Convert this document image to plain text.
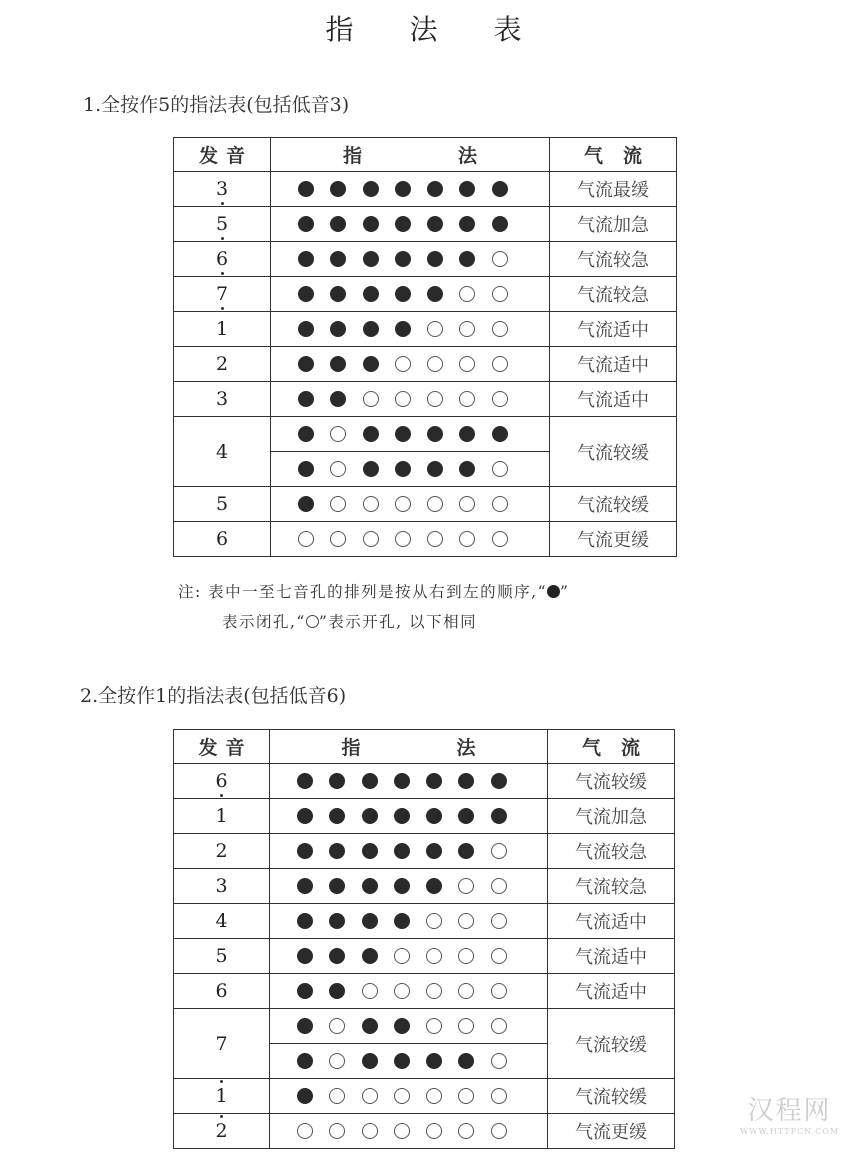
指 法 表
1.全按作5的指法表(包括低音3)
发 音	指 法	气 流
3		气流最缓
5		气流加急
6		气流较急
7		气流较急
1		气流适中
2		气流适中
3		气流适中
4		气流较缓

5		气流较缓
6		气流更缓
注: 表中一至七音孔的排列是按从右到左的顺序,“ ”
表示闭孔,“ ”表示开孔, 以下相同
2.全按作1的指法表(包括低音6)
发 音	指 法	气 流
6		气流较缓
1		气流加急
2		气流较急
3		气流较急
4		气流适中
5		气流适中
6		气流适中
7		气流较缓

1		气流较缓
2		气流更缓
汉程网
WWW.HTTPCN.COM
